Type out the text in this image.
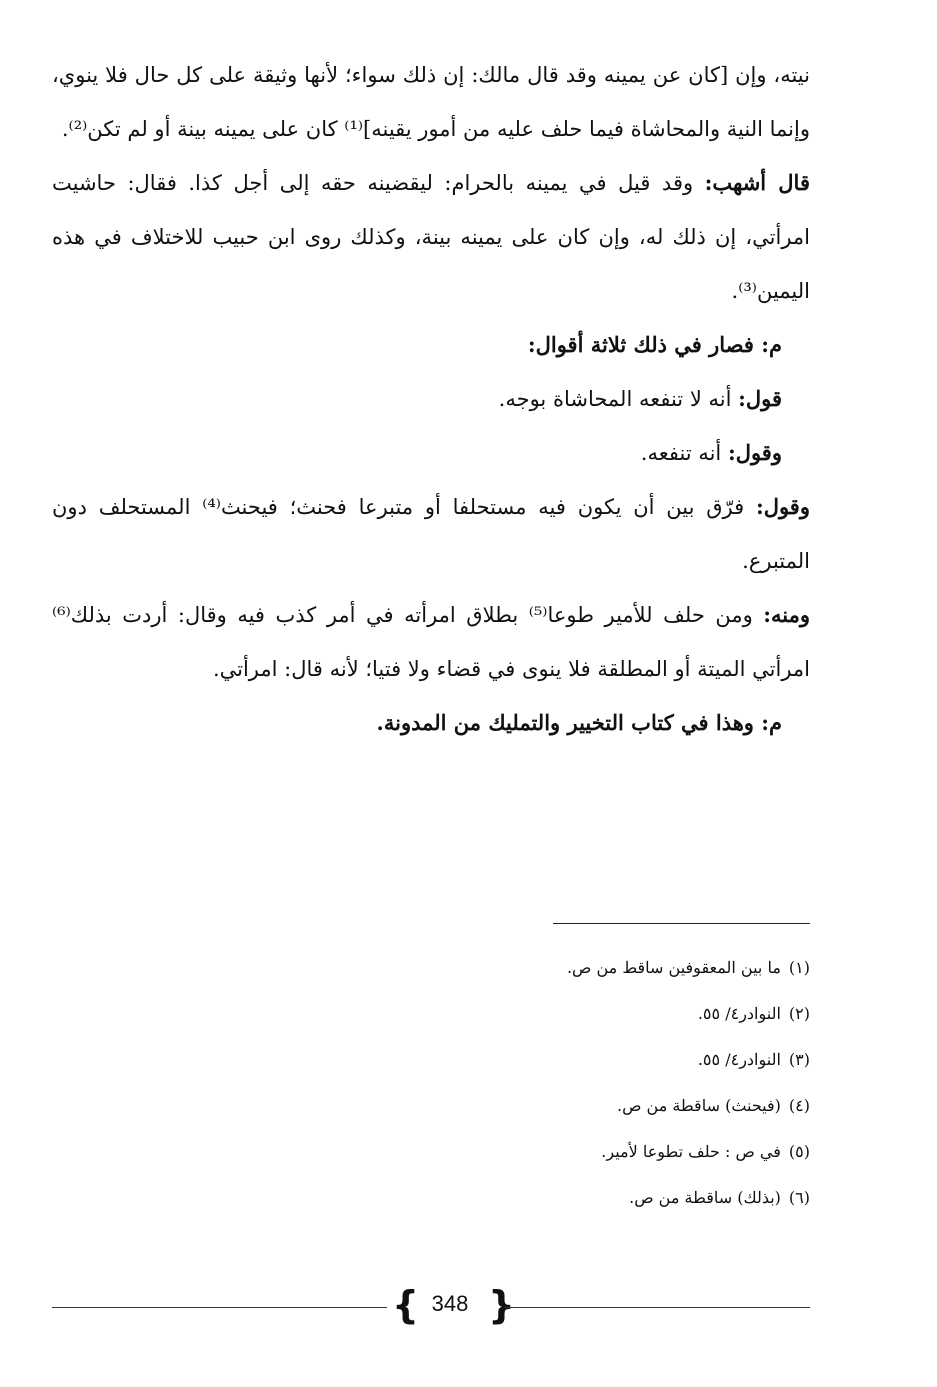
نيته، وإن [كان عن يمينه وقد قال مالك: إن ذلك سواء؛ لأنها وثيقة على كل حال فلا ينوي، وإنما النية والمحاشاة فيما حلف عليه من أمور يقينه]⁽¹⁾ كان على يمينه بينة أو لم تكن⁽²⁾.

قال أشهب: وقد قيل في يمينه بالحرام: ليقضينه حقه إلى أجل كذا. فقال: حاشيت امرأتي، إن ذلك له، وإن كان على يمينه بينة، وكذلك روى ابن حبيب للاختلاف في هذه اليمين⁽³⁾.

م: فصار في ذلك ثلاثة أقوال:

قول: أنه لا تنفعه المحاشاة بوجه.

وقول: أنه تنفعه.

وقول: فرّق بين أن يكون فيه مستحلفا أو متبرعا فحنث؛ فيحنث⁽⁴⁾ المستحلف دون المتبرع.

ومنه: ومن حلف للأمير طوعا⁽⁵⁾ بطلاق امرأته في أمر كذب فيه وقال: أردت بذلك⁽⁶⁾ امرأتي الميتة أو المطلقة فلا ينوى في قضاء ولا فتيا؛ لأنه قال: امرأتي.

م: وهذا في كتاب التخيير والتمليك من المدونة.

(١)ما بين المعقوفين ساقط من ص.

(٢)النوادر٤/ ٥٥.

(٣)النوادر٤/ ٥٥.

(٤)(فيحنث) ساقطة من ص.

(٥)في ص : حلف تطوعا لأمير.

(٦)(بذلك) ساقطة من ص.

{ 348 }
